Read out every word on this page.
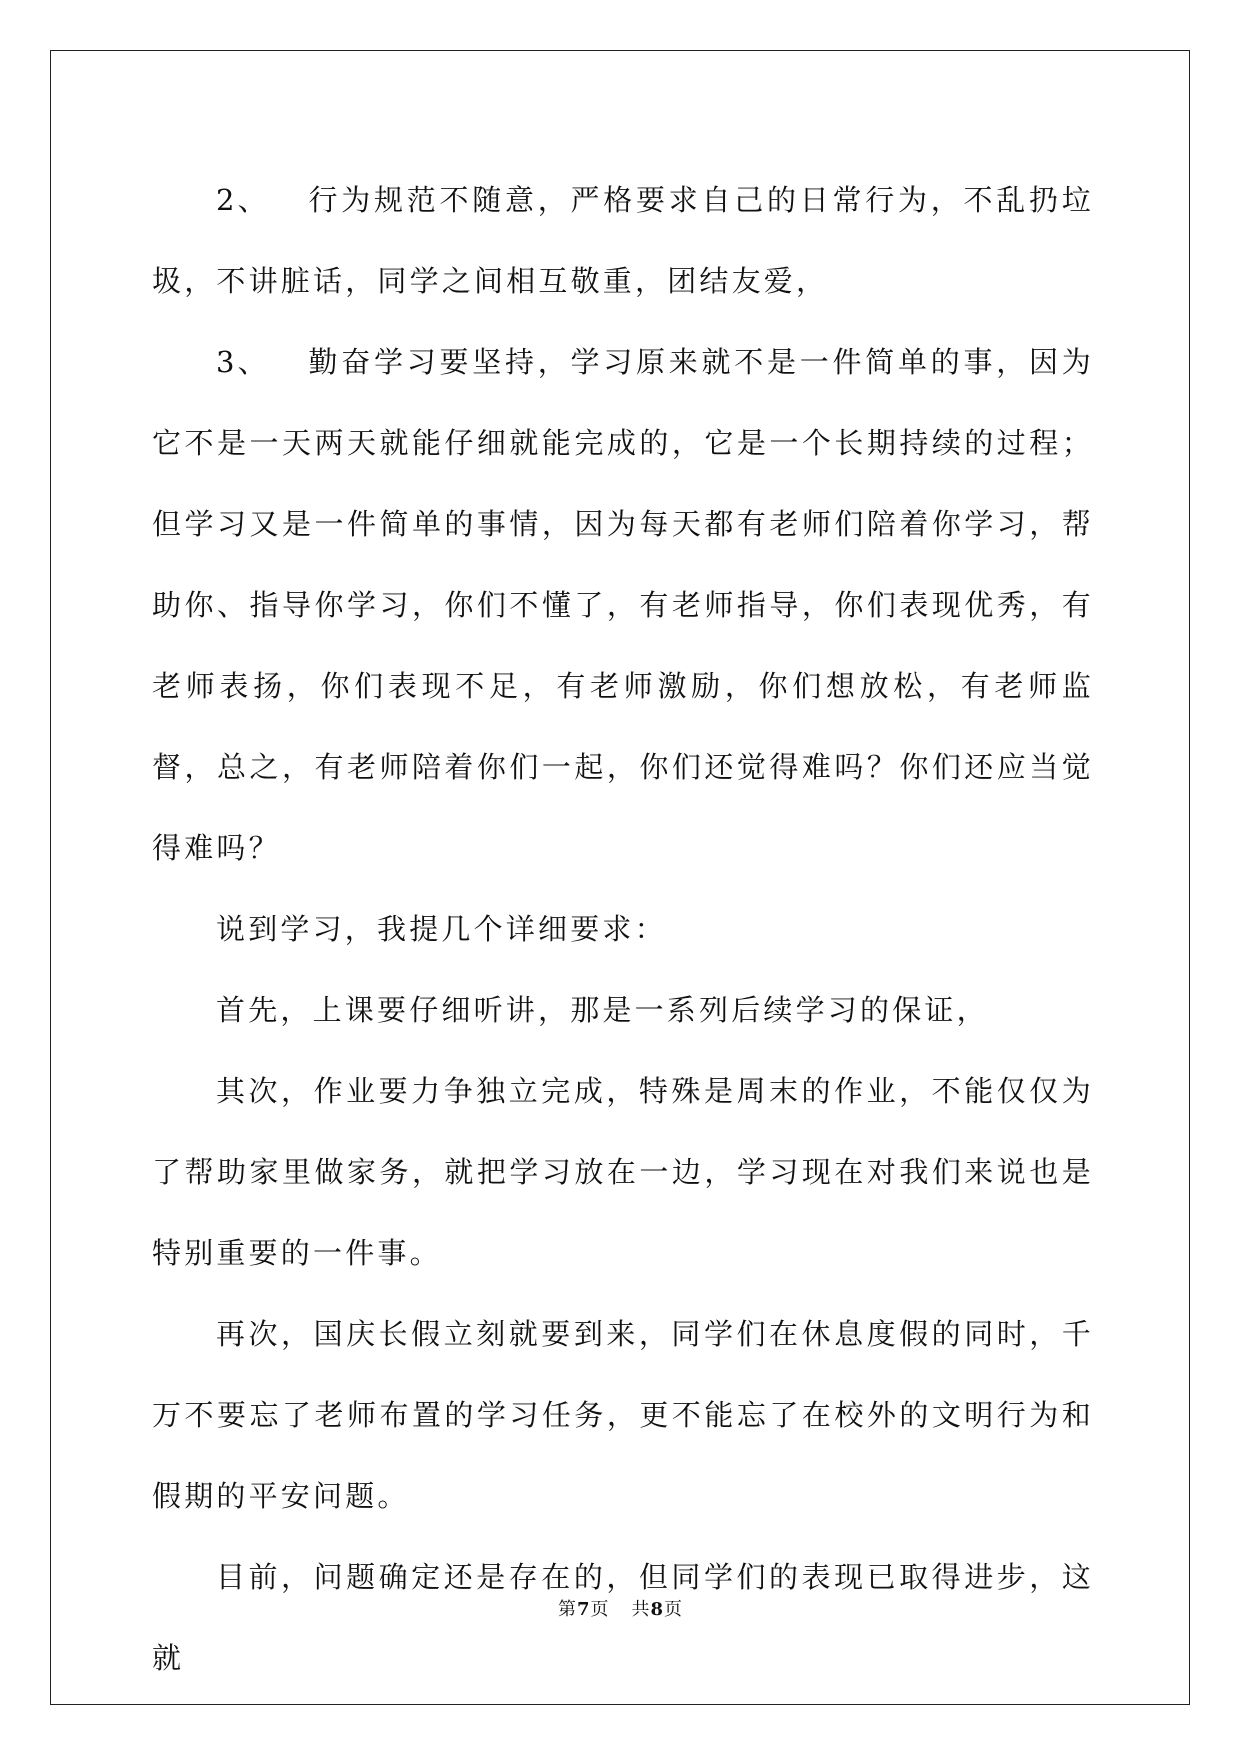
2、 行为规范不随意，严格要求自己的日常行为，不乱扔垃圾，不讲脏话，同学之间相互敬重，团结友爱，

3、 勤奋学习要坚持，学习原来就不是一件简单的事，因为它不是一天两天就能仔细就能完成的，它是一个长期持续的过程；但学习又是一件简单的事情，因为每天都有老师们陪着你学习，帮助你、指导你学习，你们不懂了，有老师指导，你们表现优秀，有老师表扬，你们表现不足，有老师激励，你们想放松，有老师监督，总之，有老师陪着你们一起，你们还觉得难吗？你们还应当觉得难吗？

说到学习，我提几个详细要求：

首先，上课要仔细听讲，那是一系列后续学习的保证，

其次，作业要力争独立完成，特殊是周末的作业，不能仅仅为了帮助家里做家务，就把学习放在一边，学习现在对我们来说也是特别重要的一件事。

再次，国庆长假立刻就要到来，同学们在休息度假的同时，千万不要忘了老师布置的学习任务，更不能忘了在校外的文明行为和假期的平安问题。

目前，问题确定还是存在的，但同学们的表现已取得进步，这就

第7页 共8页
